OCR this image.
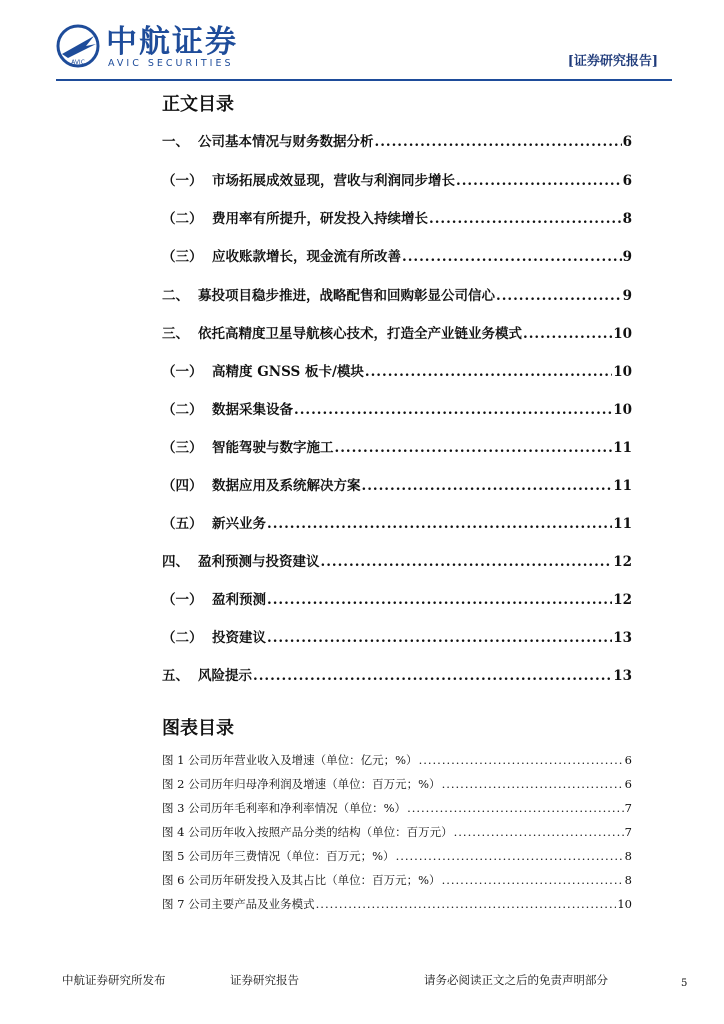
AVIC
中航证券
AVIC SECURITIES	[证券研究报告]
正文目录
一、 公司基本情况与财务数据分析 .....	6
（一） 市场拓展成效显现，营收与利润同步增长 .....	6
（二） 费用率有所提升，研发投入持续增长 .....	8
（三） 应收账款增长，现金流有所改善 .....	9
二、 募投项目稳步推进，战略配售和回购彰显公司信心 .....	9
三、 依托高精度卫星导航核心技术，打造全产业链业务模式 .....	10
（一） 高精度 GNSS 板卡/模块 .....	10
（二） 数据采集设备 .....	10
（三） 智能驾驶与数字施工 .....	11
（四） 数据应用及系统解决方案 .....	11
（五） 新兴业务 .....	11
四、 盈利预测与投资建议 .....	12
（一） 盈利预测 .....	12
（二） 投资建议 .....	13
五、 风险提示 .....	13
图表目录
图 1 公司历年营业收入及增速（单位：亿元；%） .....	6
图 2 公司历年归母净利润及增速（单位：百万元；%） .....	6
图 3 公司历年毛利率和净利率情况（单位：%） .....	7
图 4 公司历年收入按照产品分类的结构（单位：百万元） .....	7
图 5 公司历年三费情况（单位：百万元；%） .....	8
图 6 公司历年研发投入及其占比（单位：百万元；%） .....	8
图 7 公司主要产品及业务模式 .....	10
中航证券研究所发布	证券研究报告	请务必阅读正文之后的免责声明部分	5
